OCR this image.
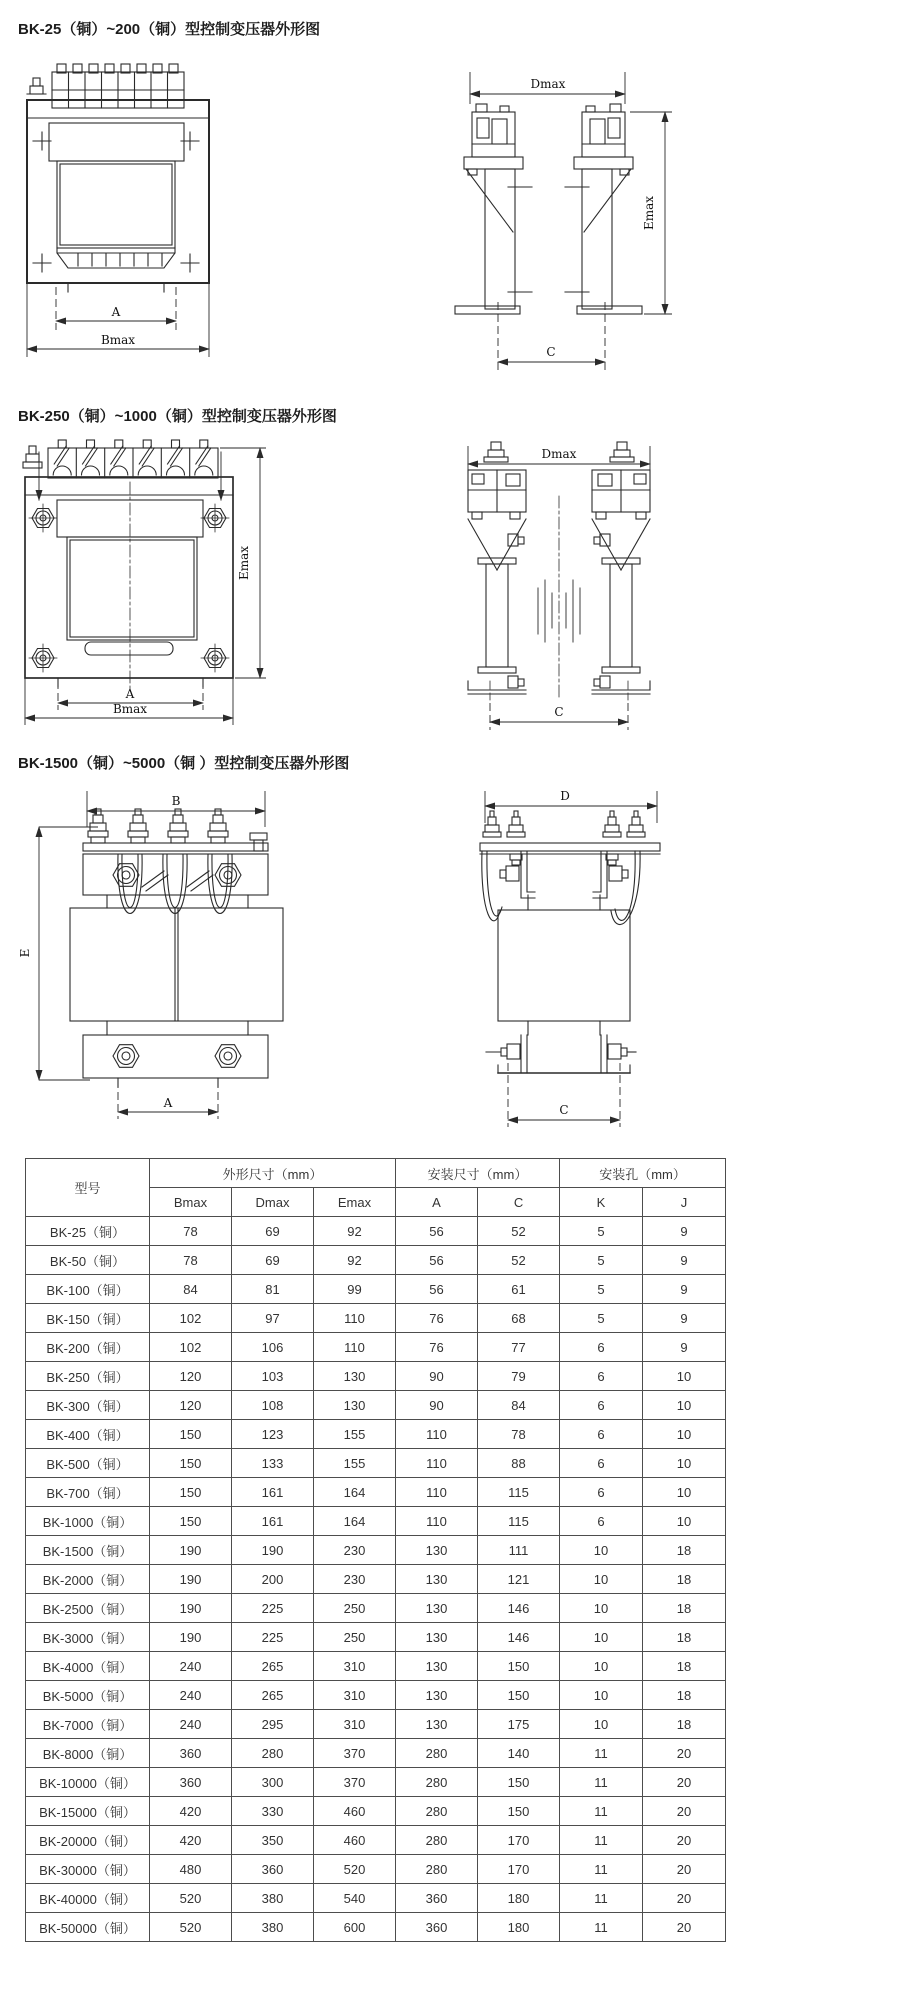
BK-25（铜）~200（铜）型控制变压器外形图
A
Bmax
Dmax
Emax
C
BK-250（铜）~1000（铜）型控制变压器外形图
Emax
A
Bmax
Dmax
C
BK-1500（铜）~5000（铜 ）型控制变压器外形图
B
E
A
D
C
型号	外形尺寸（mm）			安装尺寸（mm）		安装孔（mm）	
	Bmax	Dmax	Emax	A	C	K	J
BK-25（铜）	78	69	92	56	52	5	9
BK-50（铜）	78	69	92	56	52	5	9
BK-100（铜）	84	81	99	56	61	5	9
BK-150（铜）	102	97	110	76	68	5	9
BK-200（铜）	102	106	110	76	77	6	9
BK-250（铜）	120	103	130	90	79	6	10
BK-300（铜）	120	108	130	90	84	6	10
BK-400（铜）	150	123	155	110	78	6	10
BK-500（铜）	150	133	155	110	88	6	10
BK-700（铜）	150	161	164	110	115	6	10
BK-1000（铜）	150	161	164	110	115	6	10
BK-1500（铜）	190	190	230	130	111	10	18
BK-2000（铜）	190	200	230	130	121	10	18
BK-2500（铜）	190	225	250	130	146	10	18
BK-3000（铜）	190	225	250	130	146	10	18
BK-4000（铜）	240	265	310	130	150	10	18
BK-5000（铜）	240	265	310	130	150	10	18
BK-7000（铜）	240	295	310	130	175	10	18
BK-8000（铜）	360	280	370	280	140	11	20
BK-10000（铜）	360	300	370	280	150	11	20
BK-15000（铜）	420	330	460	280	150	11	20
BK-20000（铜）	420	350	460	280	170	11	20
BK-30000（铜）	480	360	520	280	170	11	20
BK-40000（铜）	520	380	540	360	180	11	20
BK-50000（铜）	520	380	600	360	180	11	20
